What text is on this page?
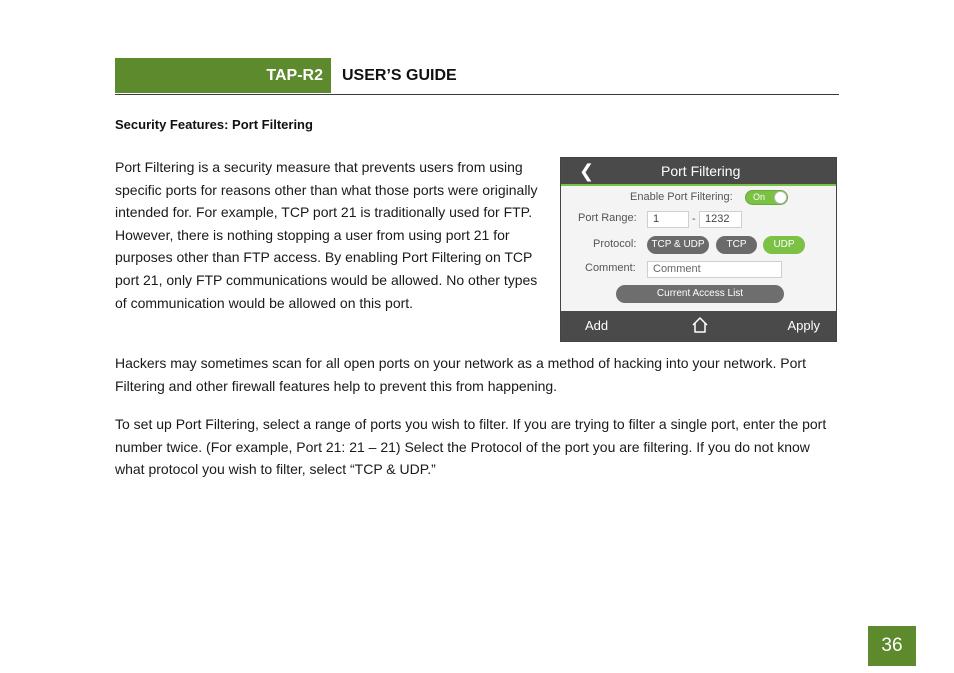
TAP-R2	USER’S GUIDE
Security Features: Port Filtering

Port Filtering is a security measure that prevents users from using specific ports for reasons other than what those ports were originally intended for. For example, TCP port 21 is traditionally used for FTP. However, there is nothing stopping a user from using port 21 for purposes other than FTP access. By enabling Port Filtering on TCP port 21, only FTP communications would be allowed. No other types of communication would be allowed on this port.

❮	Port Filtering
Enable Port Filtering: On
Port Range:	1	- 1232
Protocol:	TCP & UDP	TCP	UDP
Comment:	Comment
Current Access List
Add	Apply

Hackers may sometimes scan for all open ports on your network as a method of hacking into your network. Port Filtering and other firewall features help to prevent this from happening.

To set up Port Filtering, select a range of ports you wish to filter. If you are trying to filter a single port, enter the port number twice. (For example, Port 21: 21 – 21) Select the Protocol of the port you are filtering. If you do not know what protocol you wish to filter, select “TCP & UDP.”

36
